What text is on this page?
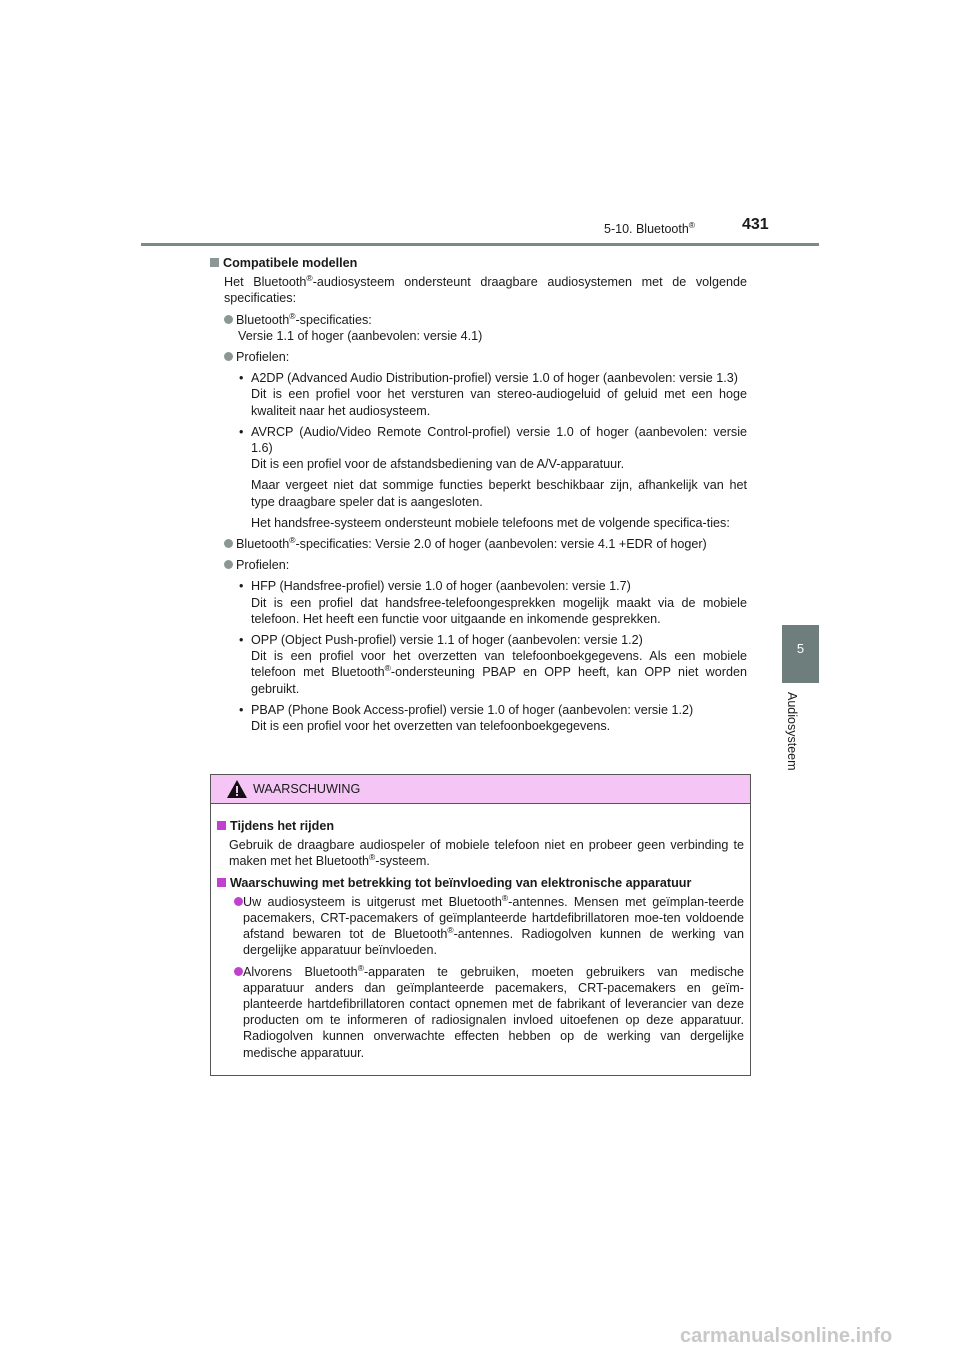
5-10. Bluetooth®	431
5
Audiosysteem
Compatibele modellen
Het Bluetooth®-audiosysteem ondersteunt draagbare audiosystemen met de volgende specificaties:
Bluetooth®-specificaties:
Versie 1.1 of hoger (aanbevolen: versie 4.1)
Profielen:
• A2DP (Advanced Audio Distribution-profiel) versie 1.0 of hoger (aanbevolen: versie 1.3)
Dit is een profiel voor het versturen van stereo-audiogeluid of geluid met een hoge kwaliteit naar het audiosysteem.
• AVRCP (Audio/Video Remote Control-profiel) versie 1.0 of hoger (aanbevolen: versie 1.6)
Dit is een profiel voor de afstandsbediening van de A/V-apparatuur.
Maar vergeet niet dat sommige functies beperkt beschikbaar zijn, afhankelijk van het type draagbare speler dat is aangesloten.
Het handsfree-systeem ondersteunt mobiele telefoons met de volgende specifica-ties:
Bluetooth®-specificaties: Versie 2.0 of hoger (aanbevolen: versie 4.1 +EDR of hoger)
Profielen:
• HFP (Handsfree-profiel) versie 1.0 of hoger (aanbevolen: versie 1.7)
Dit is een profiel dat handsfree-telefoongesprekken mogelijk maakt via de mobiele telefoon. Het heeft een functie voor uitgaande en inkomende gesprekken.
• OPP (Object Push-profiel) versie 1.1 of hoger (aanbevolen: versie 1.2)
Dit is een profiel voor het overzetten van telefoonboekgegevens. Als een mobiele telefoon met Bluetooth®-ondersteuning PBAP en OPP heeft, kan OPP niet worden gebruikt.
• PBAP (Phone Book Access-profiel) versie 1.0 of hoger (aanbevolen: versie 1.2)
Dit is een profiel voor het overzetten van telefoonboekgegevens.
WAARSCHUWING
Tijdens het rijden
Gebruik de draagbare audiospeler of mobiele telefoon niet en probeer geen verbinding te maken met het Bluetooth®-systeem.
Waarschuwing met betrekking tot beïnvloeding van elektronische apparatuur
Uw audiosysteem is uitgerust met Bluetooth®-antennes. Mensen met geïmplan-teerde pacemakers, CRT-pacemakers of geïmplanteerde hartdefibrillatoren moe-ten voldoende afstand bewaren tot de Bluetooth®-antennes. Radiogolven kunnen de werking van dergelijke apparatuur beïnvloeden.
Alvorens Bluetooth®-apparaten te gebruiken, moeten gebruikers van medische apparatuur anders dan geïmplanteerde pacemakers, CRT-pacemakers en geïm-planteerde hartdefibrillatoren contact opnemen met de fabrikant of leverancier van deze producten om te informeren of radiosignalen invloed uitoefenen op deze apparatuur. Radiogolven kunnen onverwachte effecten hebben op de werking van dergelijke medische apparatuur.
carmanualsonline.info
